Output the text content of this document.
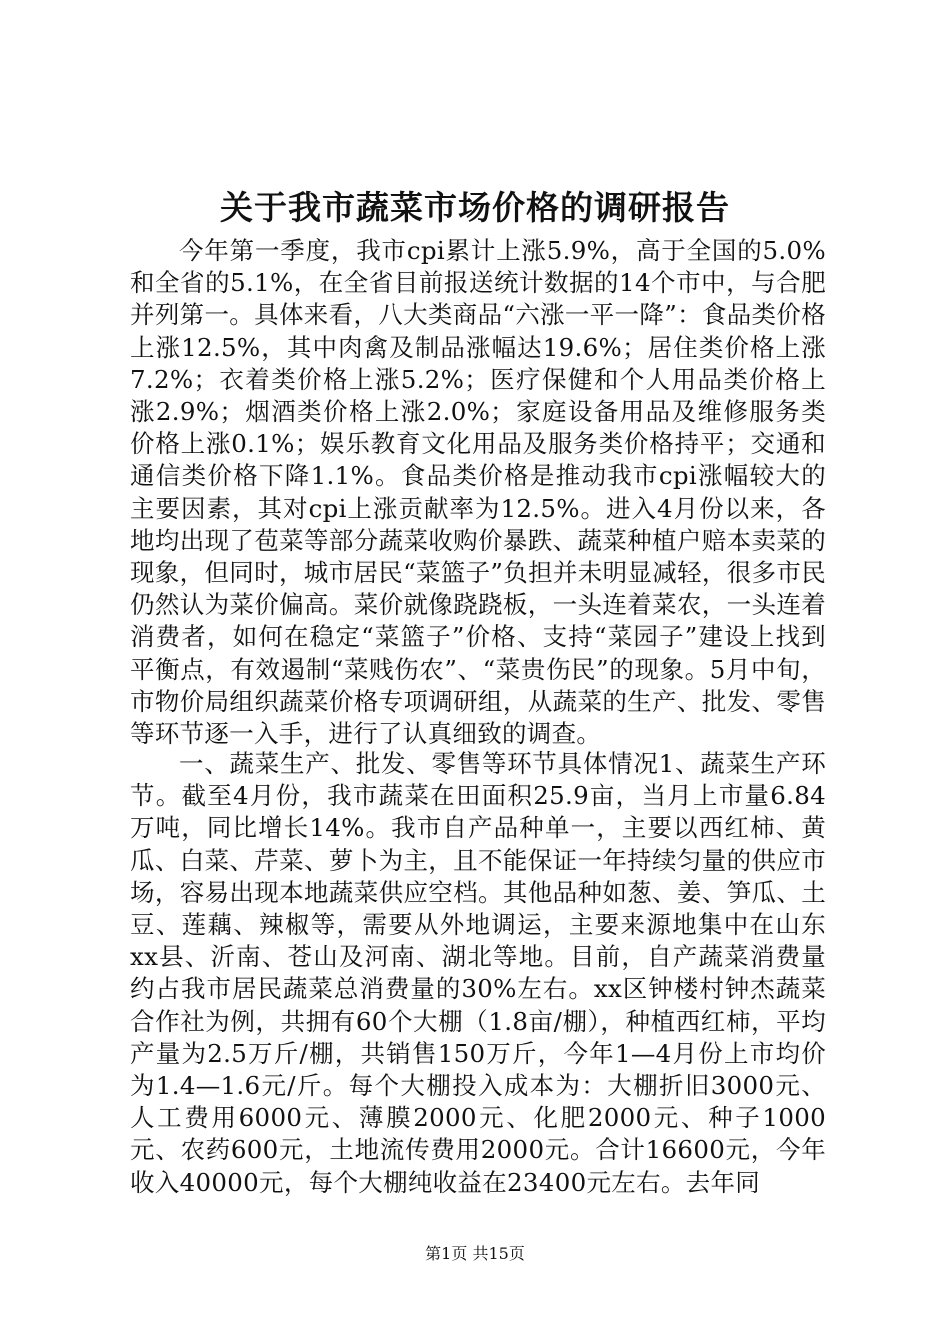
关于我市蔬菜市场价格的调研报告

今年第一季度，我市cpi累计上涨5.9%，高于全国的5.0%和全省的5.1%，在全省目前报送统计数据的14个市中，与合肥并列第一。具体来看，八大类商品“六涨一平一降”：食品类价格上涨12.5%，其中肉禽及制品涨幅达19.6%；居住类价格上涨7.2%；衣着类价格上涨5.2%；医疗保健和个人用品类价格上涨2.9%；烟酒类价格上涨2.0%；家庭设备用品及维修服务类价格上涨0.1%；娱乐教育文化用品及服务类价格持平；交通和通信类价格下降1.1%。食品类价格是推动我市cpi涨幅较大的主要因素，其对cpi上涨贡献率为12.5%。进入4月份以来，各地均出现了苞菜等部分蔬菜收购价暴跌、蔬菜种植户赔本卖菜的现象，但同时，城市居民“菜篮子”负担并未明显减轻，很多市民仍然认为菜价偏高。菜价就像跷跷板，一头连着菜农，一头连着消费者，如何在稳定“菜篮子”价格、支持“菜园子”建设上找到平衡点，有效遏制“菜贱伤农”、“菜贵伤民”的现象。5月中旬，市物价局组织蔬菜价格专项调研组，从蔬菜的生产、批发、零售等环节逐一入手，进行了认真细致的调查。

一、蔬菜生产、批发、零售等环节具体情况1、蔬菜生产环节。截至4月份，我市蔬菜在田面积25.9亩，当月上市量6.84万吨，同比增长14%。我市自产品种单一，主要以西红柿、黄瓜、白菜、芹菜、萝卜为主，且不能保证一年持续匀量的供应市场，容易出现本地蔬菜供应空档。其他品种如葱、姜、笋瓜、土豆、莲藕、辣椒等，需要从外地调运，主要来源地集中在山东xx县、沂南、苍山及河南、湖北等地。目前，自产蔬菜消费量约占我市居民蔬菜总消费量的30%左右。xx区钟楼村钟杰蔬菜合作社为例，共拥有60个大棚（1.8亩/棚），种植西红柿，平均产量为2.5万斤/棚，共销售150万斤，今年1—4月份上市均价为1.4—1.6元/斤。每个大棚投入成本为：大棚折旧3000元、人工费用6000元、薄膜2000元、化肥2000元、种子1000元、农药600元，土地流传费用2000元。合计16600元，今年收入40000元，每个大棚纯收益在23400元左右。去年同

第1页 共15页
